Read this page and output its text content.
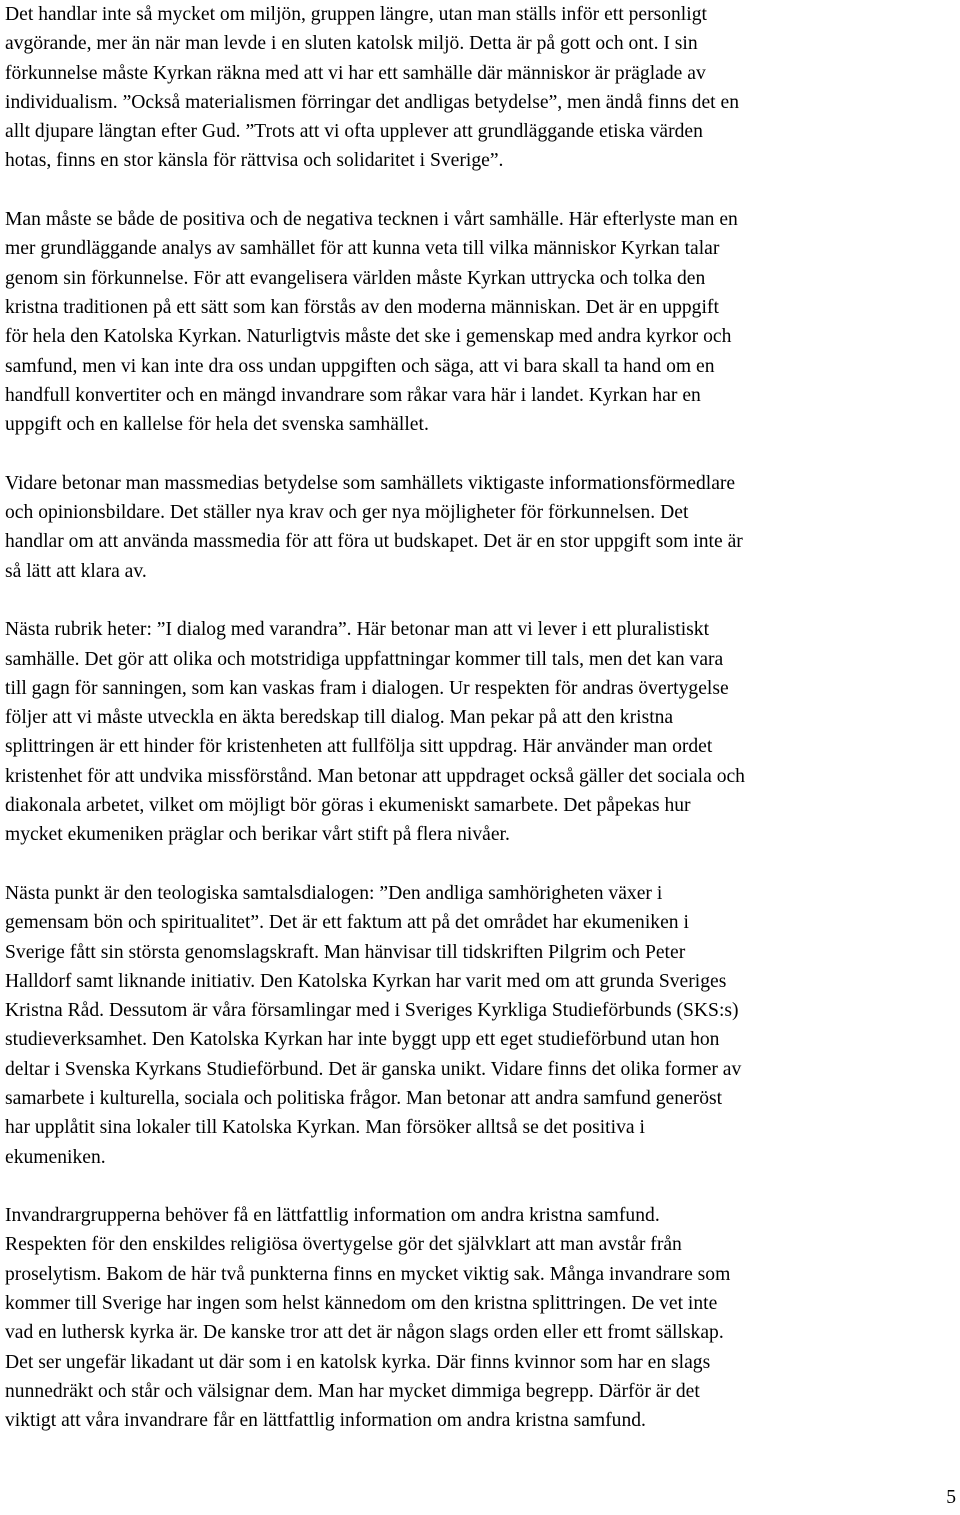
Det handlar inte så mycket om miljön, gruppen längre, utan man ställs inför ett personligt
avgörande, mer än när man levde i en sluten katolsk miljö. Detta är på gott och ont. I sin
förkunnelse måste Kyrkan räkna med att vi har ett samhälle där människor är präglade av
individualism. ”Också materialismen förringar det andligas betydelse”, men ändå finns det en
allt djupare längtan efter Gud. ”Trots att vi ofta upplever att grundläggande etiska värden
hotas, finns en stor känsla för rättvisa och solidaritet i Sverige”.

Man måste se både de positiva och de negativa tecknen i vårt samhälle. Här efterlyste man en
mer grundläggande analys av samhället för att kunna veta till vilka människor Kyrkan talar
genom sin förkunnelse. För att evangelisera världen måste Kyrkan uttrycka och tolka den
kristna traditionen på ett sätt som kan förstås av den moderna människan. Det är en uppgift
för hela den Katolska Kyrkan. Naturligtvis måste det ske i gemenskap med andra kyrkor och
samfund, men vi kan inte dra oss undan uppgiften och säga, att vi bara skall ta hand om en
handfull konvertiter och en mängd invandrare som råkar vara här i landet. Kyrkan har en
uppgift och en kallelse för hela det svenska samhället.

Vidare betonar man massmedias betydelse som samhällets viktigaste informationsförmedlare
och opinionsbildare. Det ställer nya krav och ger nya möjligheter för förkunnelsen. Det
handlar om att använda massmedia för att föra ut budskapet. Det är en stor uppgift som inte är
så lätt att klara av.

Nästa rubrik heter: ”I dialog med varandra”. Här betonar man att vi lever i ett pluralistiskt
samhälle. Det gör att olika och motstridiga uppfattningar kommer till tals, men det kan vara
till gagn för sanningen, som kan vaskas fram i dialogen. Ur respekten för andras övertygelse
följer att vi måste utveckla en äkta beredskap till dialog. Man pekar på att den kristna
splittringen är ett hinder för kristenheten att fullfölja sitt uppdrag. Här använder man ordet
kristenhet för att undvika missförstånd. Man betonar att uppdraget också gäller det sociala och
diakonala arbetet, vilket om möjligt bör göras i ekumeniskt samarbete. Det påpekas hur
mycket ekumeniken präglar och berikar vårt stift på flera nivåer.

Nästa punkt är den teologiska samtalsdialogen: ”Den andliga samhörigheten växer i
gemensam bön och spiritualitet”. Det är ett faktum att på det området har ekumeniken i
Sverige fått sin största genomslagskraft. Man hänvisar till tidskriften Pilgrim och Peter
Halldorf samt liknande initiativ. Den Katolska Kyrkan har varit med om att grunda Sveriges
Kristna Råd. Dessutom är våra församlingar med i Sveriges Kyrkliga Studieförbunds (SKS:s)
studieverksamhet. Den Katolska Kyrkan har inte byggt upp ett eget studieförbund utan hon
deltar i Svenska Kyrkans Studieförbund. Det är ganska unikt. Vidare finns det olika former av
samarbete i kulturella, sociala och politiska frågor. Man betonar att andra samfund generöst
har upplåtit sina lokaler till Katolska Kyrkan. Man försöker alltså se det positiva i
ekumeniken.

Invandrargrupperna behöver få en lättfattlig information om andra kristna samfund.
Respekten för den enskildes religiösa övertygelse gör det självklart att man avstår från
proselytism. Bakom de här två punkterna finns en mycket viktig sak. Många invandrare som
kommer till Sverige har ingen som helst kännedom om den kristna splittringen. De vet inte
vad en luthersk kyrka är. De kanske tror att det är någon slags orden eller ett fromt sällskap.
Det ser ungefär likadant ut där som i en katolsk kyrka. Där finns kvinnor som har en slags
nunnedräkt och står och välsignar dem. Man har mycket dimmiga begrepp. Därför är det
viktigt att våra invandrare får en lättfattlig information om andra kristna samfund.

5
